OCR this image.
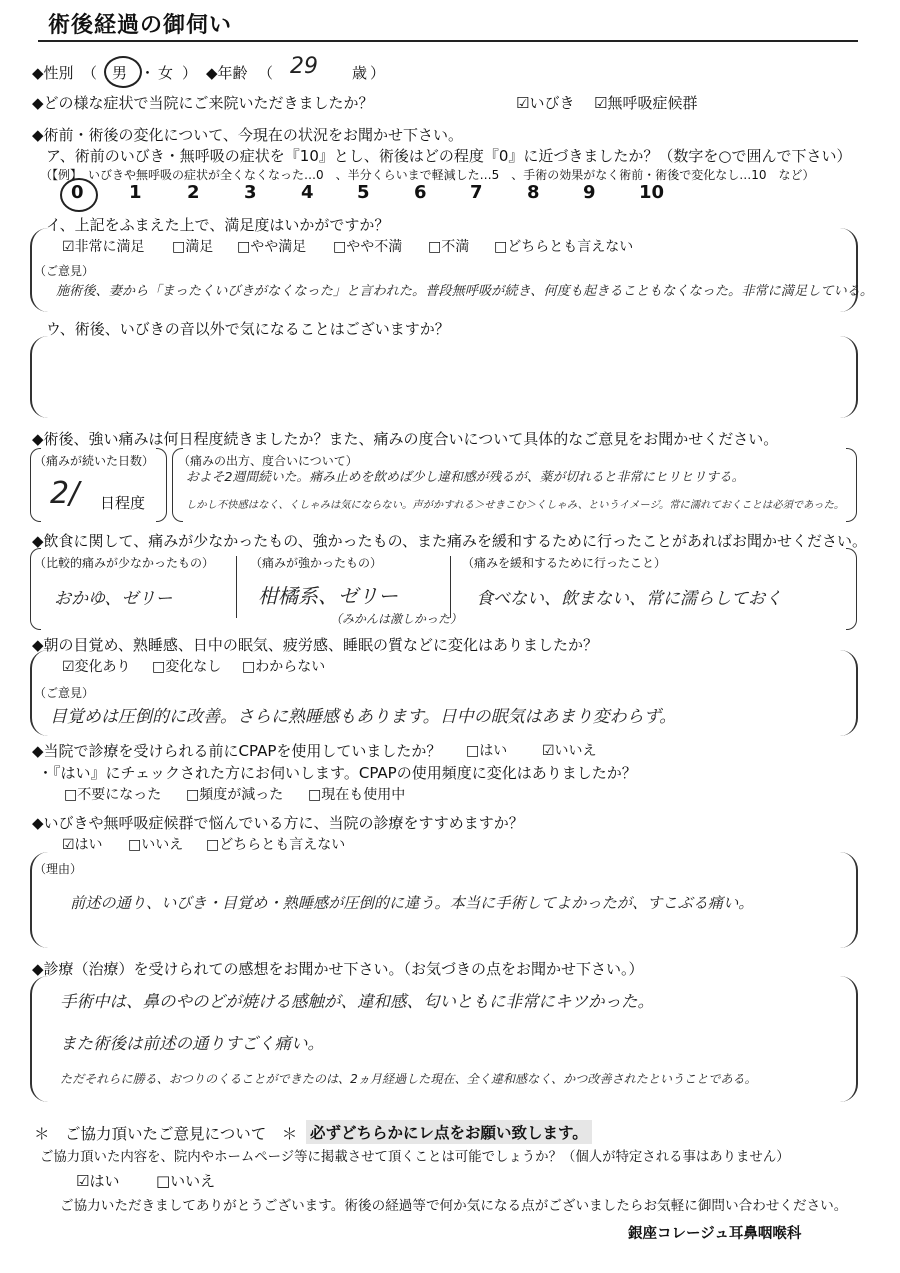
術後経過の御伺い
◆性別 （ 男 ・ 女 ） ◆年齢 （ 29 歳 ）
◆どの様な症状で当院にご来院いただきましたか？	☑いびき ☑無呼吸症候群
◆術前・術後の変化について、今現在の状況をお聞かせ下さい。
ア、術前のいびき・無呼吸の症状を『10』とし、術後はどの程度『0』に近づきましたか？（数字を○で囲んで下さい）
（【例】　いびきや無呼吸の症状が全くなくなった…0　、半分くらいまで軽減した…5　、手術の効果がなく術前・術後で変化なし…10　など）
0	1	2 3 4 5 6 7 8 9 10
イ、上記をふまえた上で、満足度はいかがですか？
☑非常に満足 □満足 □やや満足 □やや不満 □不満 □どちらとも言えない
（ご意見）
施術後、妻から「まったくいびきがなくなった」と言われた。普段無呼吸が続き、何度も起きることもなくなった。非常に満足している。
ウ、術後、いびきの音以外で気になることはございますか？
◆術後、強い痛みは何日程度続きましたか？また、痛みの度合いについて具体的なご意見をお聞かせください。
（痛みが続いた日数）
2/ 日程度
（痛みの出方、度合いについて）
およそ2週間続いた。痛み止めを飲めば少し違和感が残るが、薬が切れると非常にヒリヒリする。
しかし不快感はなく、くしゃみは気にならない。声がかすれる＞せきこむ＞くしゃみ、というイメージ。常に濡れておくことは必須であった。
◆飲食に関して、痛みが少なかったもの、強かったもの、また痛みを緩和するために行ったことがあればお聞かせください。
（比較的痛みが少なかったもの）
おかゆ、ゼリー
（痛みが強かったもの）
柑橘系、ゼリー
（みかんは激しかった）
（痛みを緩和するために行ったこと）
食べない、飲まない、常に濡らしておく
◆朝の目覚め、熟睡感、日中の眠気、疲労感、睡眠の質などに変化はありましたか？
☑変化あり □変化なし □わからない
（ご意見）
目覚めは圧倒的に改善。さらに熟睡感もあります。日中の眠気はあまり変わらず。
◆当院で診療を受けられる前にCPAPを使用していましたか？ □はい ☑いいえ
・『はい』にチェックされた方にお伺いします。CPAPの使用頻度に変化はありましたか？
□不要になった □頻度が減った □現在も使用中
◆いびきや無呼吸症候群で悩んでいる方に、当院の診療をすすめますか？
☑はい □いいえ □どちらとも言えない
（理由）
前述の通り、いびき・目覚め・熟睡感が圧倒的に違う。本当に手術してよかったが、すこぶる痛い。
◆診療（治療）を受けられての感想をお聞かせ下さい。（お気づきの点をお聞かせ下さい。）
手術中は、鼻のやのどが焼ける感触が、違和感、匂いともに非常にキツかった。
また術後は前述の通りすごく痛い。
ただそれらに勝る、おつりのくることができたのは、2ヵ月経過した現在、全く違和感なく、かつ改善されたということである。
＊　ご協力頂いたご意見について　＊ 必ずどちらかにレ点をお願い致します。
ご協力頂いた内容を、院内やホームページ等に掲載させて頂くことは可能でしょうか？（個人が特定される事はありません）
☑はい □いいえ
ご協力いただきましてありがとうございます。術後の経過等で何か気になる点がございましたらお気軽に御問い合わせください。
銀座コレージュ耳鼻咽喉科
